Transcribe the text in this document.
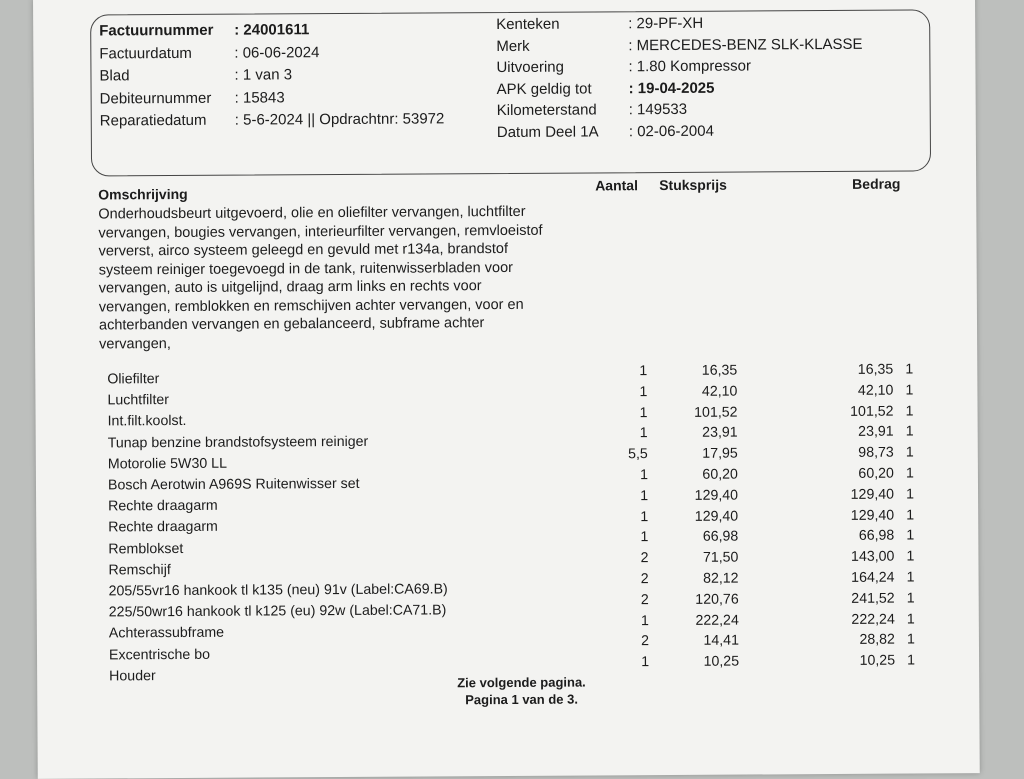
Factuurnummer : 24001611
Factuurdatum	: 06-06-2024
Blad	: 1 van 3
Debiteurnummer : 15843
Reparatiedatum : 5-6-2024 || Opdrachtnr: 53972
Kenteken	: 29-PF-XH
Merk	: MERCEDES-BENZ SLK-KLASSE
Uitvoering	: 1.80 Kompressor
APK geldig tot : 19-04-2025
Kilometerstand : 149533
Datum Deel 1A : 02-06-2004
Omschrijving
Aantal Stuksprijs	Bedrag
Onderhoudsbeurt uitgevoerd, olie en oliefilter vervangen, luchtfilter
vervangen, bougies vervangen, interieurfilter vervangen, remvloeistof
ververst, airco systeem geleegd en gevuld met r134a, brandstof
systeem reiniger toegevoegd in de tank, ruitenwisserbladen voor
vervangen, auto is uitgelijnd, draag arm links en rechts voor
vervangen, remblokken en remschijven achter vervangen, voor en
achterbanden vervangen en gebalanceerd, subframe achter
vervangen,
Oliefilter	1	16,35	16,35 1
Luchtfilter
1	42,10	42,10 1
Int.filt.koolst.
1	101,52	101,52 1
Tunap benzine brandstofsysteem reiniger	1	23,91	23,91 1
Motorolie 5W30 LL
5,5	17,95	98,73 1
Bosch Aerotwin A969S Ruitenwisser set
1	60,20	60,20 1
Rechte draagarm
1	129,40	129,40 1
Rechte draagarm
1	129,40	129,40 1
Remblokset
1	66,98	66,98 1
Remschijf
2	71,50	143,00 1
205/55vr16 hankook tl k135 (neu) 91v (Label:CA69.B)
2	82,12	164,24 1
225/50wr16 hankook tl k125 (eu) 92w (Label:CA71.B)
2	120,76	241,52 1
Achterassubframe
1	222,24	222,24 1
Excentrische bo
2	14,41	28,82 1
Houder
1	10,25	10,25 1
Zie volgende pagina.
Pagina 1 van de 3.
